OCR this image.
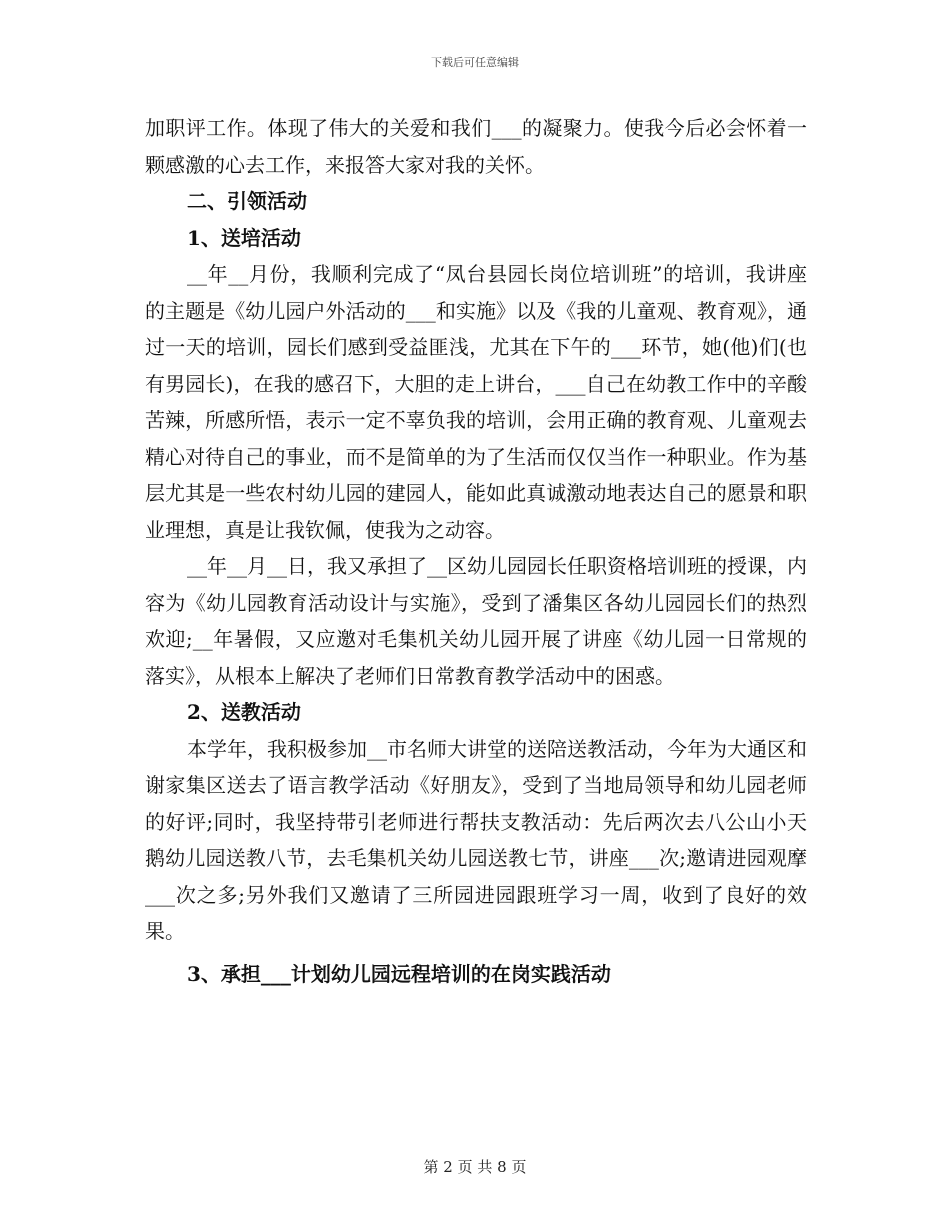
下载后可任意编辑

加职评工作。体现了伟大的关爱和我们___的凝聚力。使我今后必会怀着一颗感激的心去工作，来报答大家对我的关怀。

二、引领活动

1、送培活动

__年__月份，我顺利完成了“凤台县园长岗位培训班”的培训，我讲座的主题是《幼儿园户外活动的___和实施》以及《我的儿童观、教育观》，通过一天的培训，园长们感到受益匪浅，尤其在下午的___环节，她(他)们(也有男园长)，在我的感召下，大胆的走上讲台，___自己在幼教工作中的辛酸苦辣，所感所悟，表示一定不辜负我的培训，会用正确的教育观、儿童观去精心对待自己的事业，而不是简单的为了生活而仅仅当作一种职业。作为基层尤其是一些农村幼儿园的建园人，能如此真诚激动地表达自己的愿景和职业理想，真是让我钦佩，使我为之动容。

__年__月__日，我又承担了__区幼儿园园长任职资格培训班的授课，内容为《幼儿园教育活动设计与实施》，受到了潘集区各幼儿园园长们的热烈欢迎;__年暑假，又应邀对毛集机关幼儿园开展了讲座《幼儿园一日常规的落实》，从根本上解决了老师们日常教育教学活动中的困惑。

2、送教活动

本学年，我积极参加__市名师大讲堂的送陪送教活动，今年为大通区和谢家集区送去了语言教学活动《好朋友》，受到了当地局领导和幼儿园老师的好评;同时，我坚持带引老师进行帮扶支教活动：先后两次去八公山小天鹅幼儿园送教八节，去毛集机关幼儿园送教七节，讲座___次;邀请进园观摩___次之多;另外我们又邀请了三所园进园跟班学习一周，收到了良好的效果。

3、承担___计划幼儿园远程培训的在岗实践活动

第 2 页 共 8 页
